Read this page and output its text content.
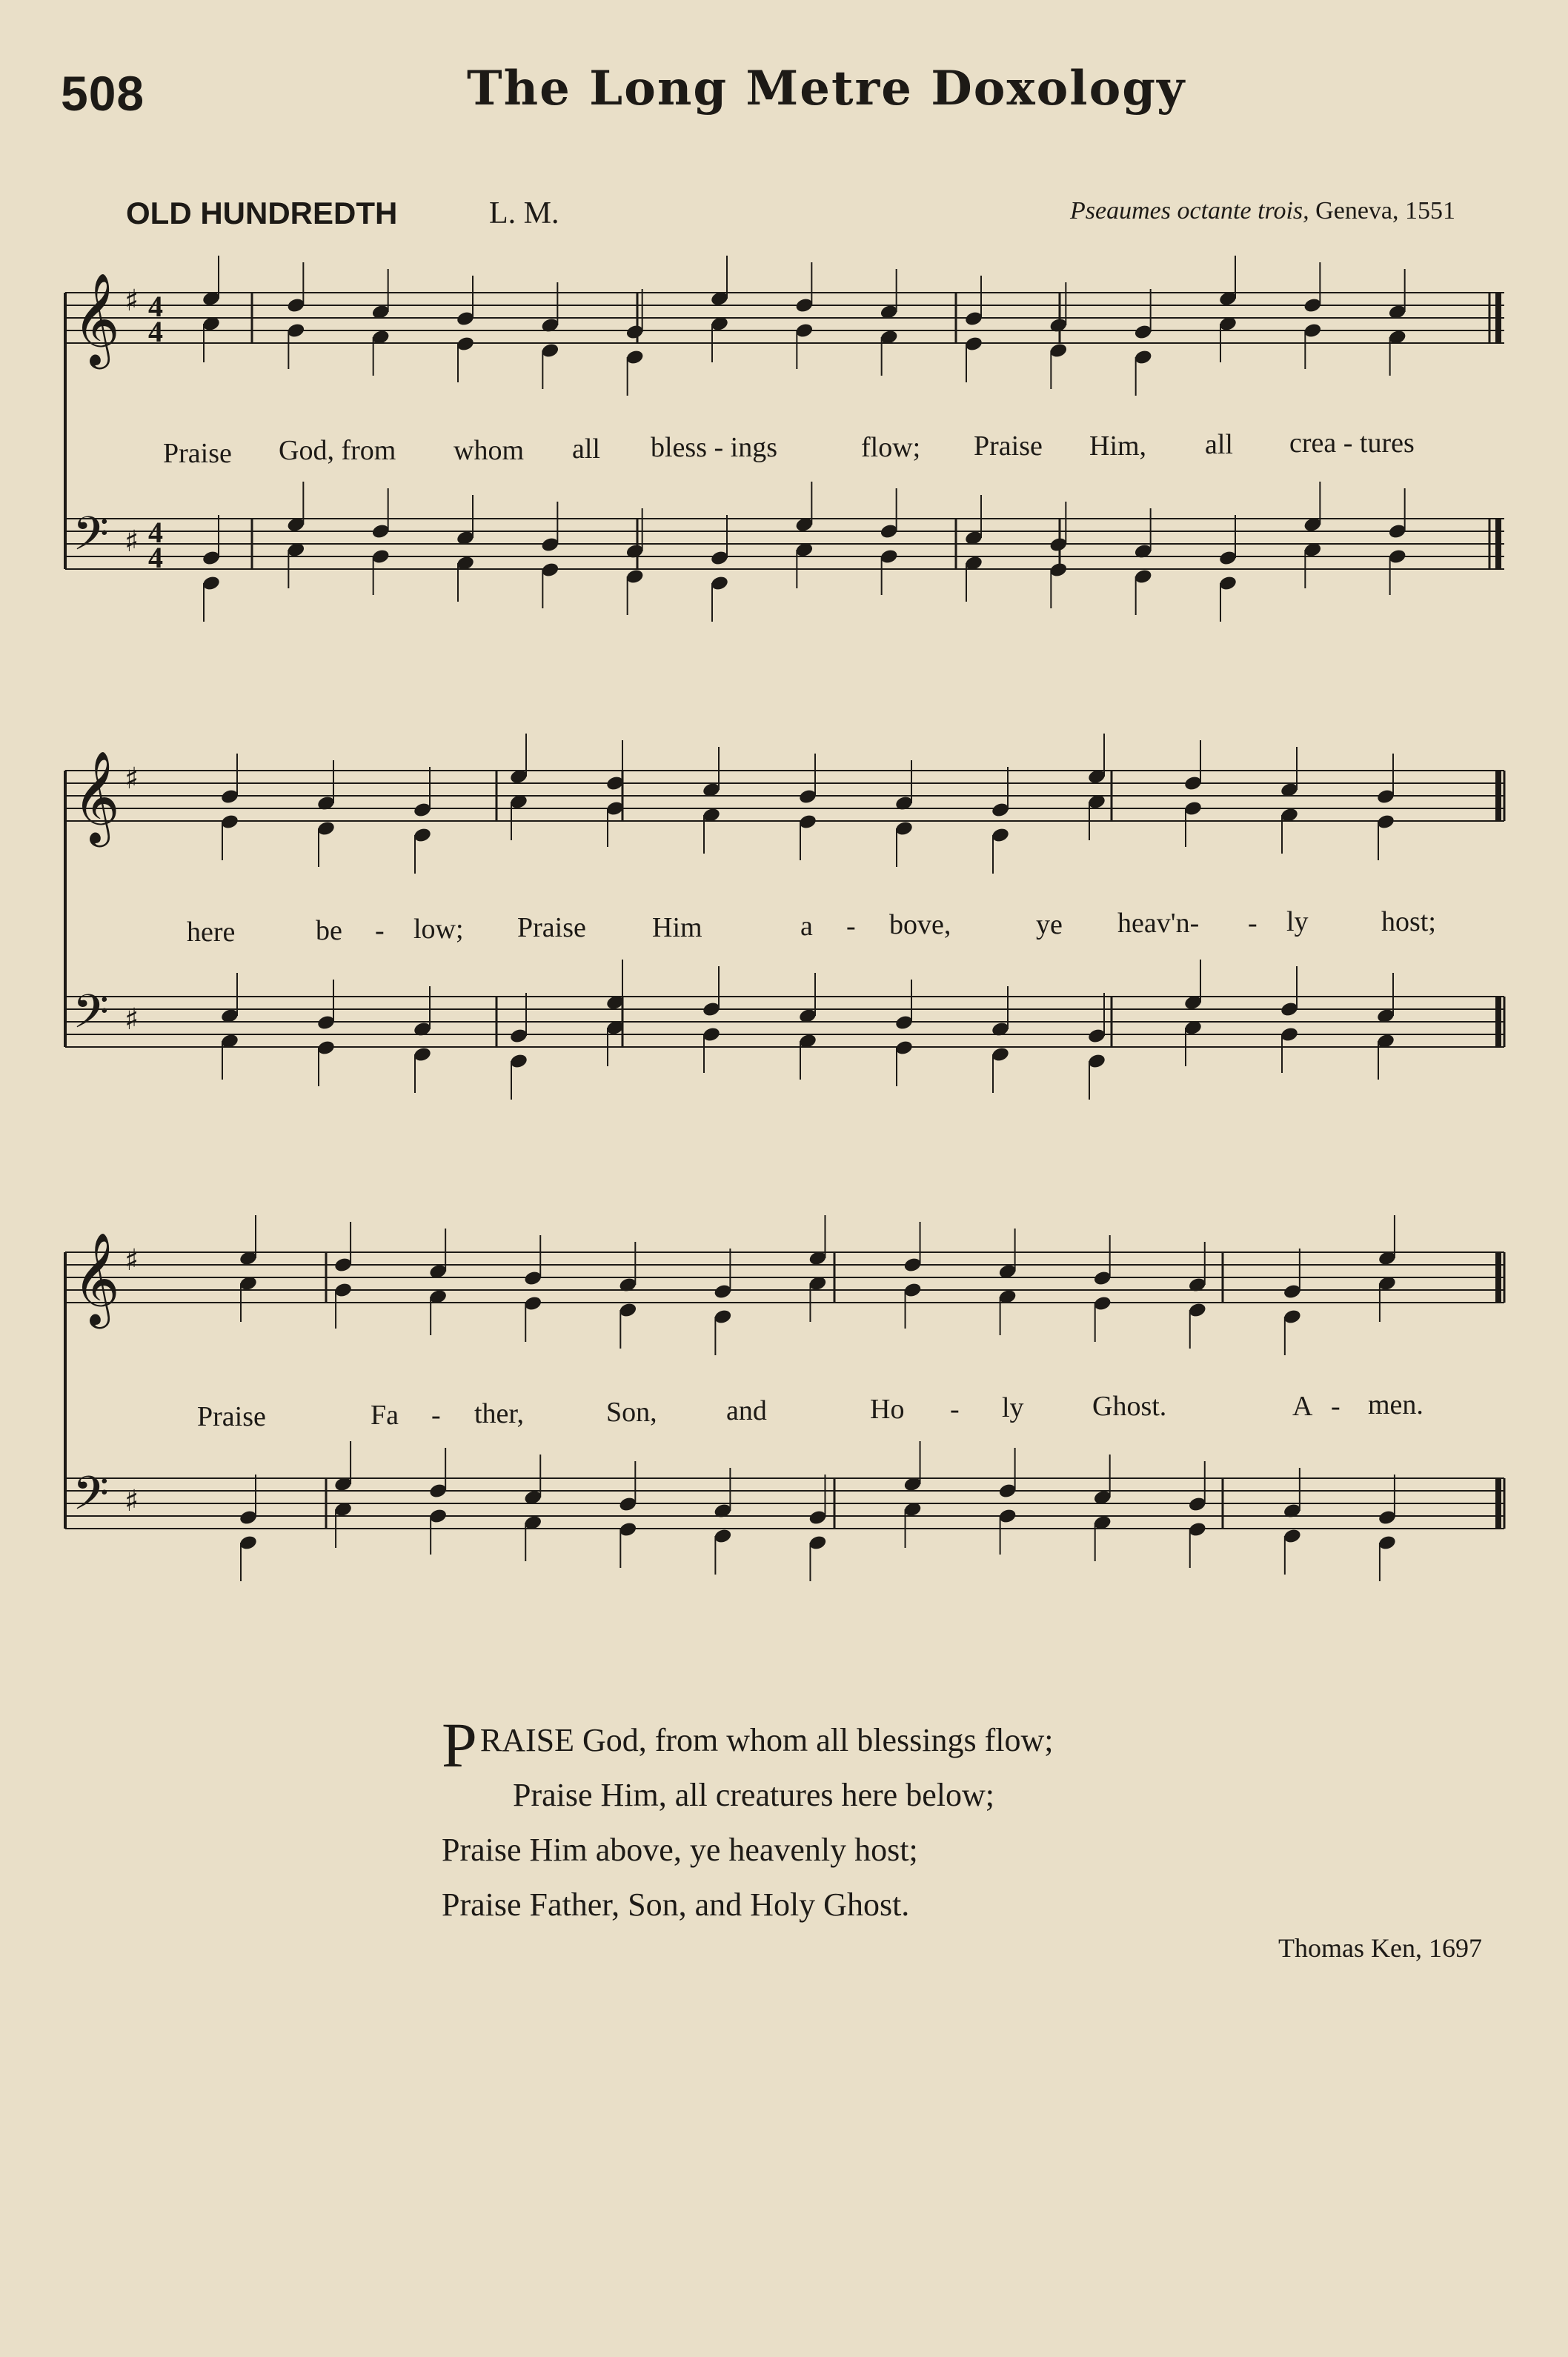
508	The Long Metre Doxology
OLD HUNDREDTH	L. M.	Pseaumes octante trois, Geneva, 1551
𝄞 ♯
𝄢 ♯
𝄞 ♯
𝄢 ♯
𝄞 ♯
𝄢 ♯
4
4
4
4
Praise God, from whom all bless - ings	flow; Praise Him, all crea - tures
here	be - low; Praise Him	a - bove,	ye heav'n- - ly	host;
Praise	Fa - ther,	Son, and	Ho - ly Ghost.	A - men.
PRAISE God, from whom all blessings flow;
Praise Him, all creatures here below;
Praise Him above, ye heavenly host;
Praise Father, Son, and Holy Ghost.
Thomas Ken, 1697
